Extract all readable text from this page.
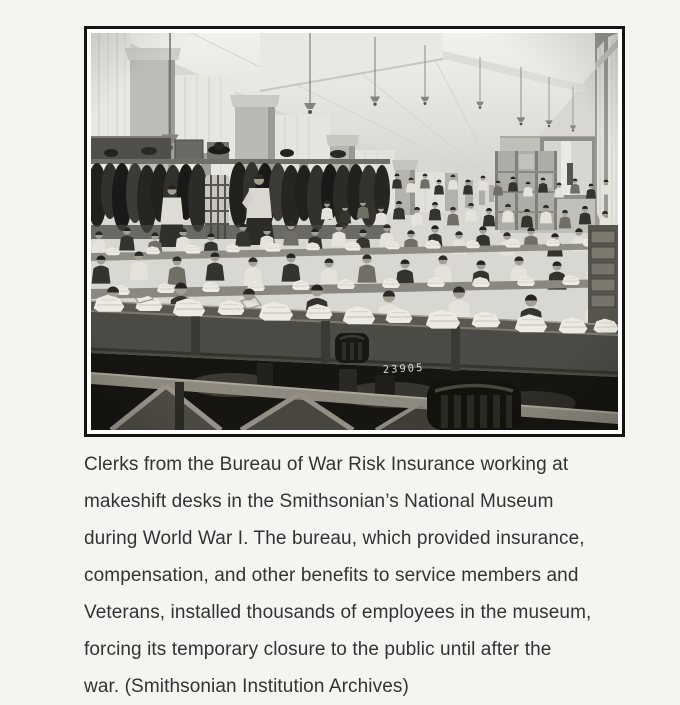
Clerks from the Bureau of War Risk Insurance working at
makeshift desks in the Smithsonian’s National Museum
during World War I. The bureau, which provided insurance,
compensation, and other benefits to service members and
Veterans, installed thousands of employees in the museum,
forcing its temporary closure to the public until after the
war. (Smithsonian Institution Archives)
